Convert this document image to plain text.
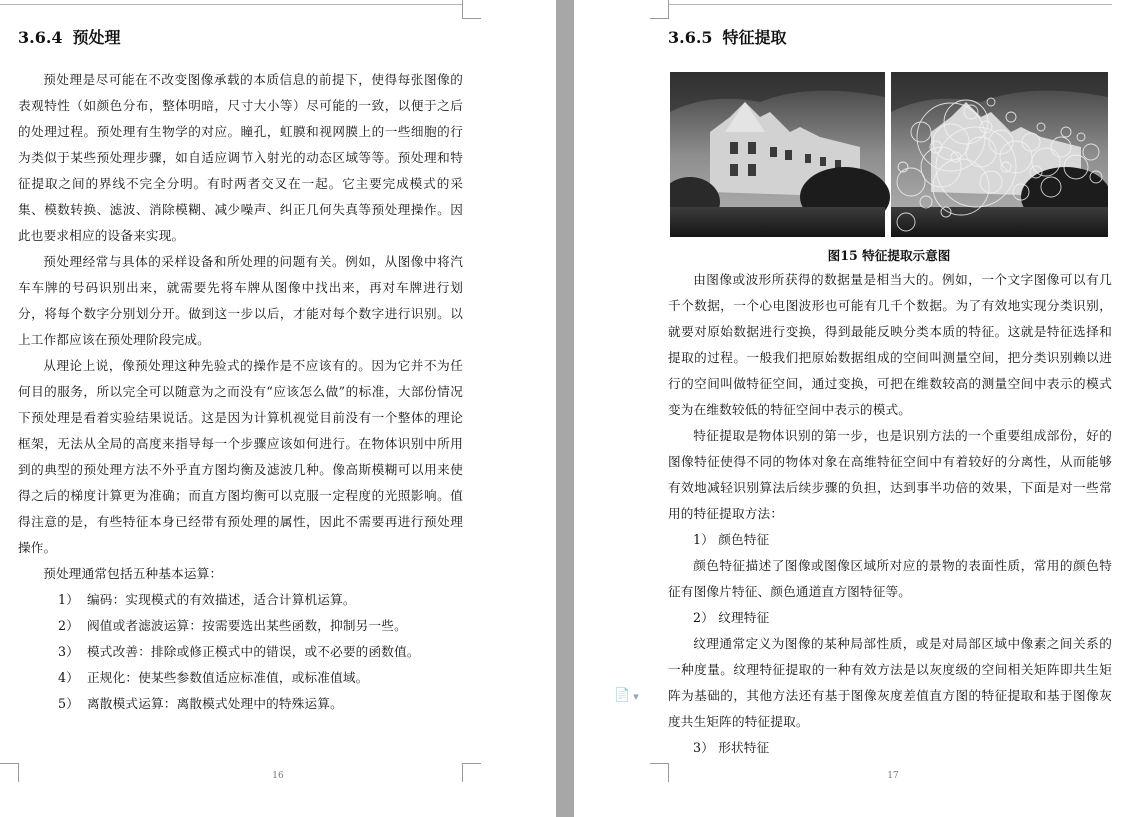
3.6.4 预处理

预处理是尽可能在不改变图像承载的本质信息的前提下，使得每张图像的表观特性（如颜色分布，整体明暗，尺寸大小等）尽可能的一致，以便于之后的处理过程。预处理有生物学的对应。瞳孔，虹膜和视网膜上的一些细胞的行为类似于某些预处理步骤，如自适应调节入射光的动态区域等等。预处理和特征提取之间的界线不完全分明。有时两者交叉在一起。它主要完成模式的采集、模数转换、滤波、消除模糊、减少噪声、纠正几何失真等预处理操作。因此也要求相应的设备来实现。

预处理经常与具体的采样设备和所处理的问题有关。例如，从图像中将汽车车牌的号码识别出来，就需要先将车牌从图像中找出来，再对车牌进行划分，将每个数字分别划分开。做到这一步以后，才能对每个数字进行识别。以上工作都应该在预处理阶段完成。

从理论上说，像预处理这种先验式的操作是不应该有的。因为它并不为任何目的服务，所以完全可以随意为之而没有“应该怎么做”的标准，大部份情况下预处理是看着实验结果说话。这是因为计算机视觉目前没有一个整体的理论框架，无法从全局的高度来指导每一个步骤应该如何进行。在物体识别中所用到的典型的预处理方法不外乎直方图均衡及滤波几种。像高斯模糊可以用来使得之后的梯度计算更为准确；而直方图均衡可以克服一定程度的光照影响。值得注意的是，有些特征本身已经带有预处理的属性，因此不需要再进行预处理操作。

预处理通常包括五种基本运算：

1） 编码：实现模式的有效描述，适合计算机运算。

2） 阀值或者滤波运算：按需要选出某些函数，抑制另一些。

3） 模式改善：排除或修正模式中的错误，或不必要的函数值。

4） 正规化：使某些参数值适应标准值，或标准值域。

5） 离散模式运算：离散模式处理中的特殊运算。

16
3.6.5 特征提取
图15 特征提取示意图

由图像或波形所获得的数据量是相当大的。例如，一个文字图像可以有几千个数据，一个心电图波形也可能有几千个数据。为了有效地实现分类识别，就要对原始数据进行变换，得到最能反映分类本质的特征。这就是特征选择和提取的过程。一般我们把原始数据组成的空间叫测量空间，把分类识别赖以进行的空间叫做特征空间，通过变换，可把在维数较高的测量空间中表示的模式变为在维数较低的特征空间中表示的模式。

特征提取是物体识别的第一步，也是识别方法的一个重要组成部份，好的图像特征使得不同的物体对象在高维特征空间中有着较好的分离性，从而能够有效地减轻识别算法后续步骤的负担，达到事半功倍的效果，下面是对一些常用的特征提取方法：

1） 颜色特征

颜色特征描述了图像或图像区域所对应的景物的表面性质，常用的颜色特征有图像片特征、颜色通道直方图特征等。

2） 纹理特征

纹理通常定义为图像的某种局部性质，或是对局部区域中像素之间关系的一种度量。纹理特征提取的一种有效方法是以灰度级的空间相关矩阵即共生矩阵为基础的，其他方法还有基于图像灰度差值直方图的特征提取和基于图像灰度共生矩阵的特征提取。

3） 形状特征

17
📄 ▼
